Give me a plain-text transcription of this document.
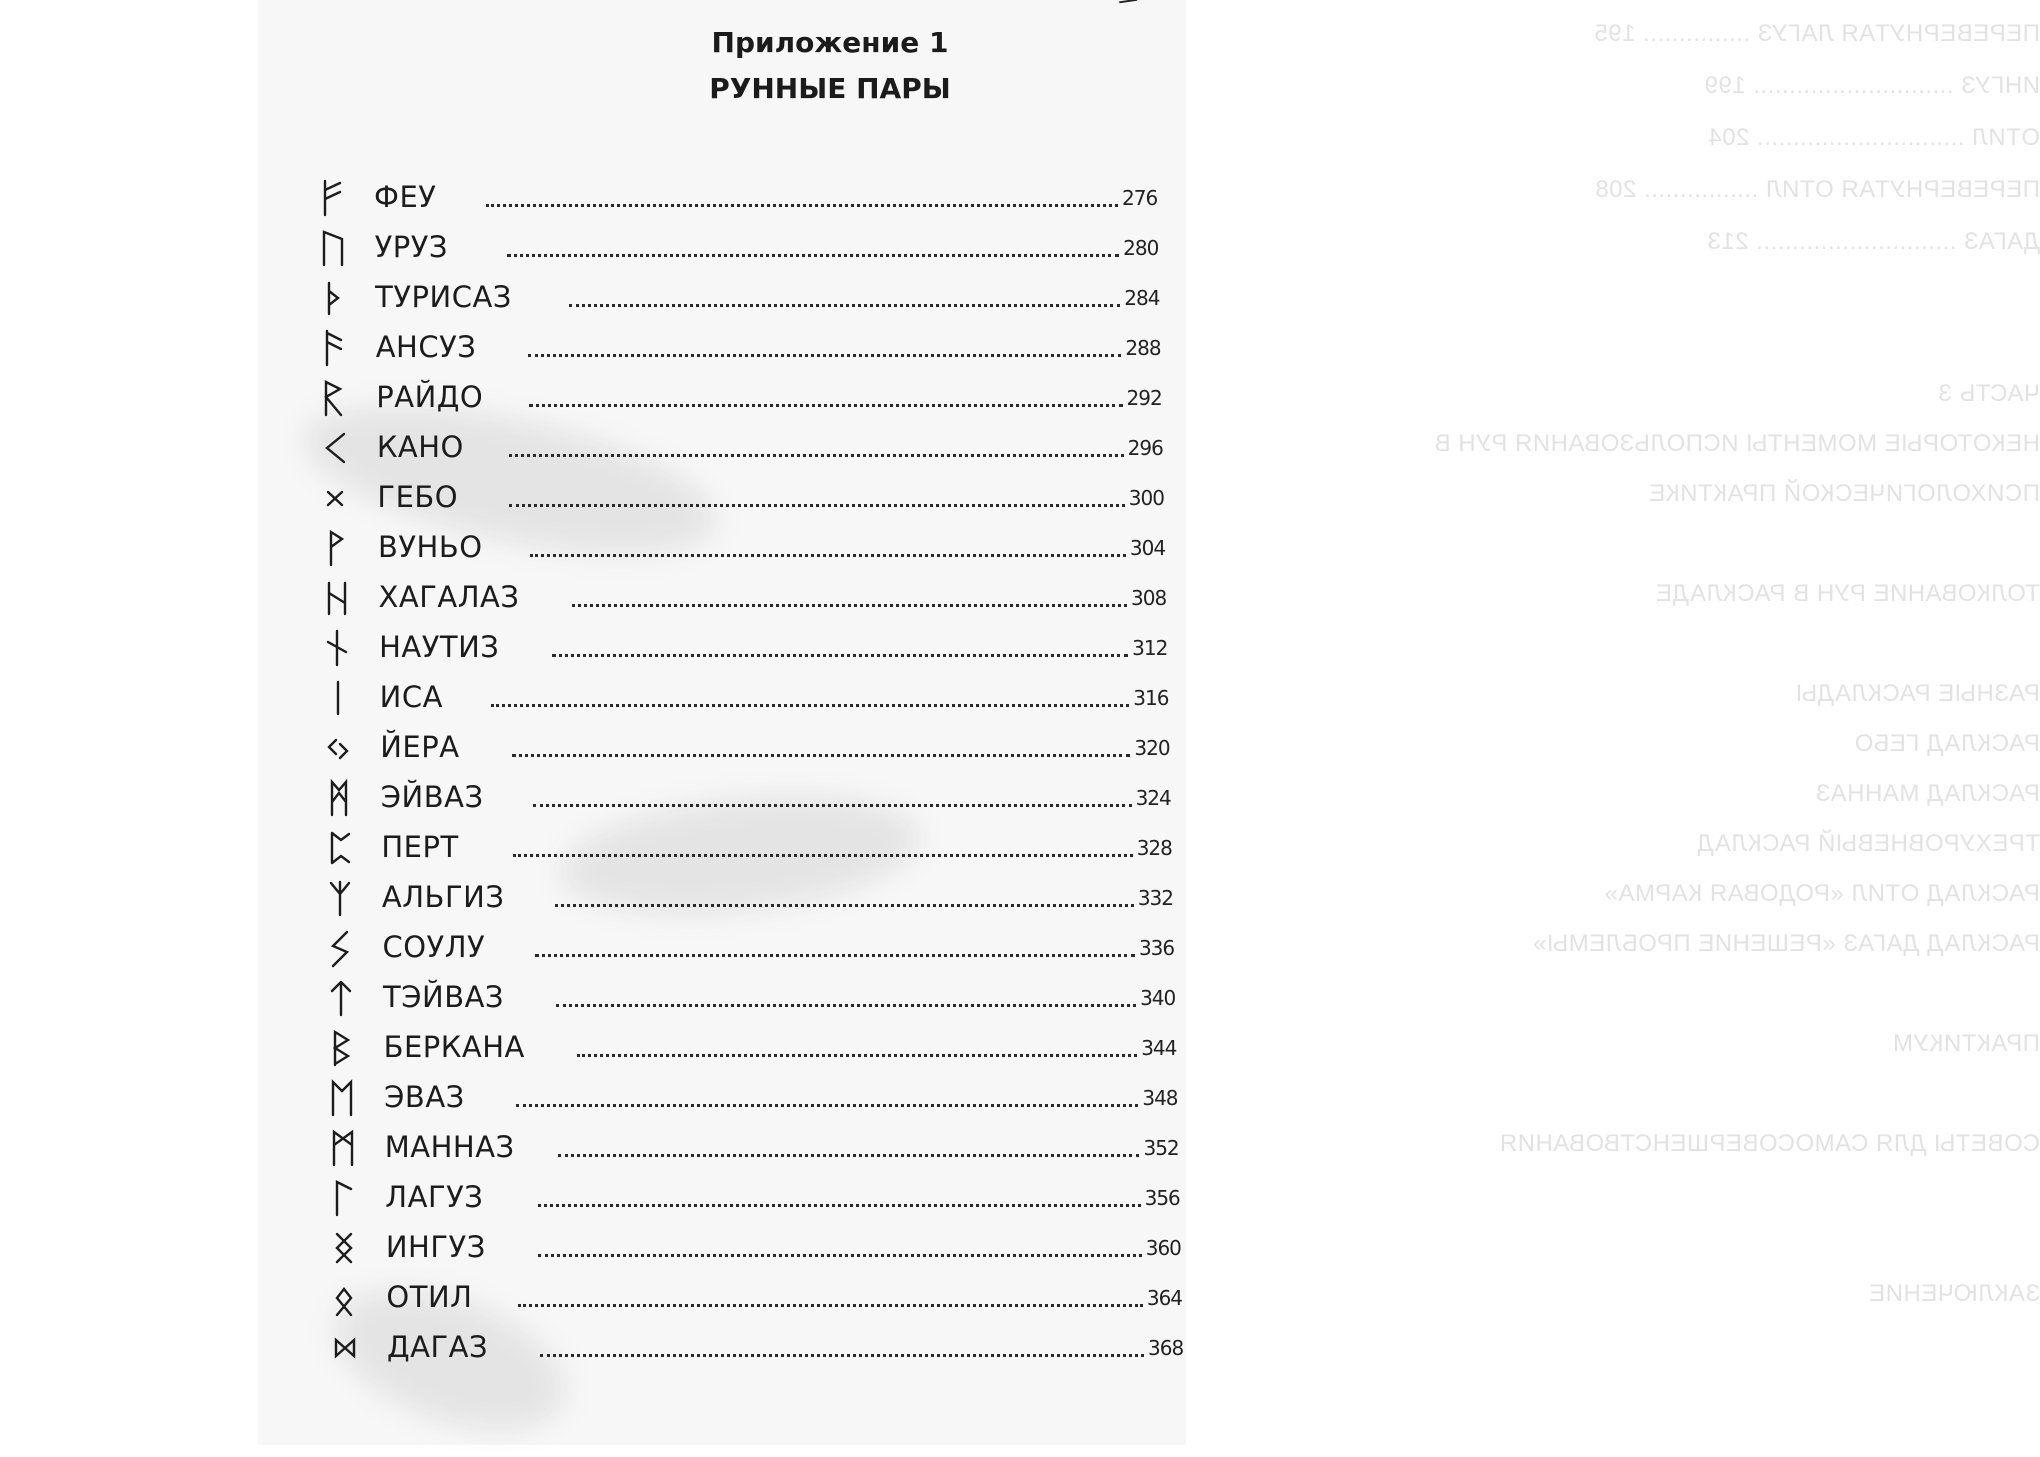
ПЕРЕВЕРНУТАЯ ЛАГУЗ ............... 195
ИНГУЗ ............................ 199
ОТИЛ ............................. 204
ПЕРЕВЕРНУТАЯ ОТИЛ ................ 208
ДАГАЗ ............................ 213
ЧАСТЬ 3
НЕКОТОРЫЕ МОМЕНТЫ ИСПОЛЬЗОВАНИЯ РУН В
ПСИХОЛОГИЧЕСКОЙ ПРАКТИКЕ
ТОЛКОВАНИЕ РУН В РАСКЛАДЕ
РАЗНЫЕ РАСКЛАДЫ
РАСКЛАД ГЕБО
РАСКЛАД МАННАЗ
ТРЕХУРОВНЕВЫЙ РАСКЛАД
РАСКЛАД ОТИЛ «РОДОВАЯ КАРМА»
РАСКЛАД ДАГАЗ «РЕШЕНИЕ ПРОБЛЕМЫ»
ПРАКТИКУМ
СОВЕТЫ ДЛЯ САМОСОВЕРШЕНСТВОВАНИЯ
ЗАКЛЮЧЕНИЕ
Приложение 1
РУННЫЕ ПАРЫ
ФЕУ	276
УРУЗ	280
ТУРИСАЗ	284
АНСУЗ	288
РАЙДО	292
КАНО	296
ГЕБО	300
ВУНЬО	304
ХАГАЛАЗ	308
НАУТИЗ	312
ИСА	316
ЙЕРА	320
ЭЙВАЗ	324
ПЕРТ	328
АЛЬГИЗ	332
СОУЛУ	336
ТЭЙВАЗ	340
БЕРКАНА	344
ЭВАЗ	348
МАННАЗ	352
ЛАГУЗ	356
ИНГУЗ	360
ОТИЛ	364
ДАГАЗ	368
